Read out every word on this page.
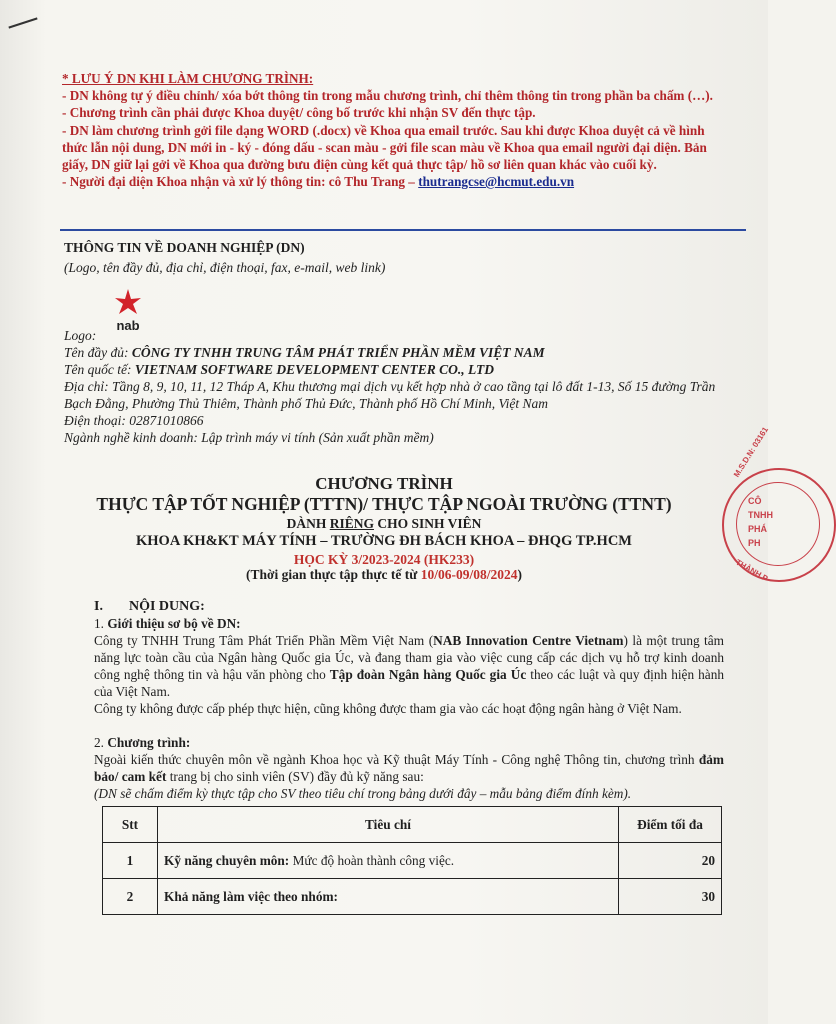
* LƯU Ý DN KHI LÀM CHƯƠNG TRÌNH:
- DN không tự ý điều chỉnh/ xóa bớt thông tin trong mẫu chương trình, chỉ thêm thông tin trong phần ba chấm (…).
- Chương trình cần phải được Khoa duyệt/ công bố trước khi nhận SV đến thực tập.
- DN làm chương trình gởi file dạng WORD (.docx) về Khoa qua email trước. Sau khi được Khoa duyệt cả về hình thức lẫn nội dung, DN mới in - ký - đóng dấu - scan màu - gởi file scan màu về Khoa qua email người đại diện. Bản giấy, DN giữ lại gởi về Khoa qua đường bưu điện cùng kết quả thực tập/ hồ sơ liên quan khác vào cuối kỳ.
- Người đại diện Khoa nhận và xử lý thông tin: cô Thu Trang – thutrangcse@hcmut.edu.vn
THÔNG TIN VỀ DOANH NGHIỆP (DN)
(Logo, tên đầy đủ, địa chỉ, điện thoại, fax, e-mail, web link)
nab
Logo:
Tên đầy đủ: CÔNG TY TNHH TRUNG TÂM PHÁT TRIỂN PHẦN MỀM VIỆT NAM
Tên quốc tế: VIETNAM SOFTWARE DEVELOPMENT CENTER CO., LTD
Địa chỉ: Tầng 8, 9, 10, 11, 12 Tháp A, Khu thương mại dịch vụ kết hợp nhà ở cao tầng tại lô đất 1-13, Số 15 đường Trần Bạch Đằng, Phường Thủ Thiêm, Thành phố Thủ Đức, Thành phố Hồ Chí Minh, Việt Nam
Điện thoại: 02871010866
Ngành nghề kinh doanh: Lập trình máy vi tính (Sản xuất phần mềm)
CHƯƠNG TRÌNH
THỰC TẬP TỐT NGHIỆP (TTTN)/ THỰC TẬP NGOÀI TRƯỜNG (TTNT)
DÀNH RIÊNG CHO SINH VIÊN
KHOA KH&KT MÁY TÍNH – TRƯỜNG ĐH BÁCH KHOA – ĐHQG TP.HCM
HỌC KỲ 3/2023-2024 (HK233)
(Thời gian thực tập thực tế từ 10/06-09/08/2024)
M.S.D.N: 03161
CÔ
TNHH
PHÁ
PH
THÀNH P
I. NỘI DUNG:
1. Giới thiệu sơ bộ về DN:
Công ty TNHH Trung Tâm Phát Triển Phần Mềm Việt Nam (NAB Innovation Centre Vietnam) là một trung tâm năng lực toàn cầu của Ngân hàng Quốc gia Úc, và đang tham gia vào việc cung cấp các dịch vụ hỗ trợ kinh doanh công nghệ thông tin và hậu văn phòng cho Tập đoàn Ngân hàng Quốc gia Úc theo các luật và quy định hiện hành của Việt Nam.
Công ty không được cấp phép thực hiện, cũng không được tham gia vào các hoạt động ngân hàng ở Việt Nam.
2. Chương trình:
Ngoài kiến thức chuyên môn về ngành Khoa học và Kỹ thuật Máy Tính - Công nghệ Thông tin, chương trình đảm bảo/ cam kết trang bị cho sinh viên (SV) đầy đủ kỹ năng sau:
(DN sẽ chấm điểm kỳ thực tập cho SV theo tiêu chí trong bảng dưới đây – mẫu bảng điểm đính kèm).
Stt	Tiêu chí	Điểm tối đa
1	Kỹ năng chuyên môn: Mức độ hoàn thành công việc.	20
2	Khả năng làm việc theo nhóm:	30
